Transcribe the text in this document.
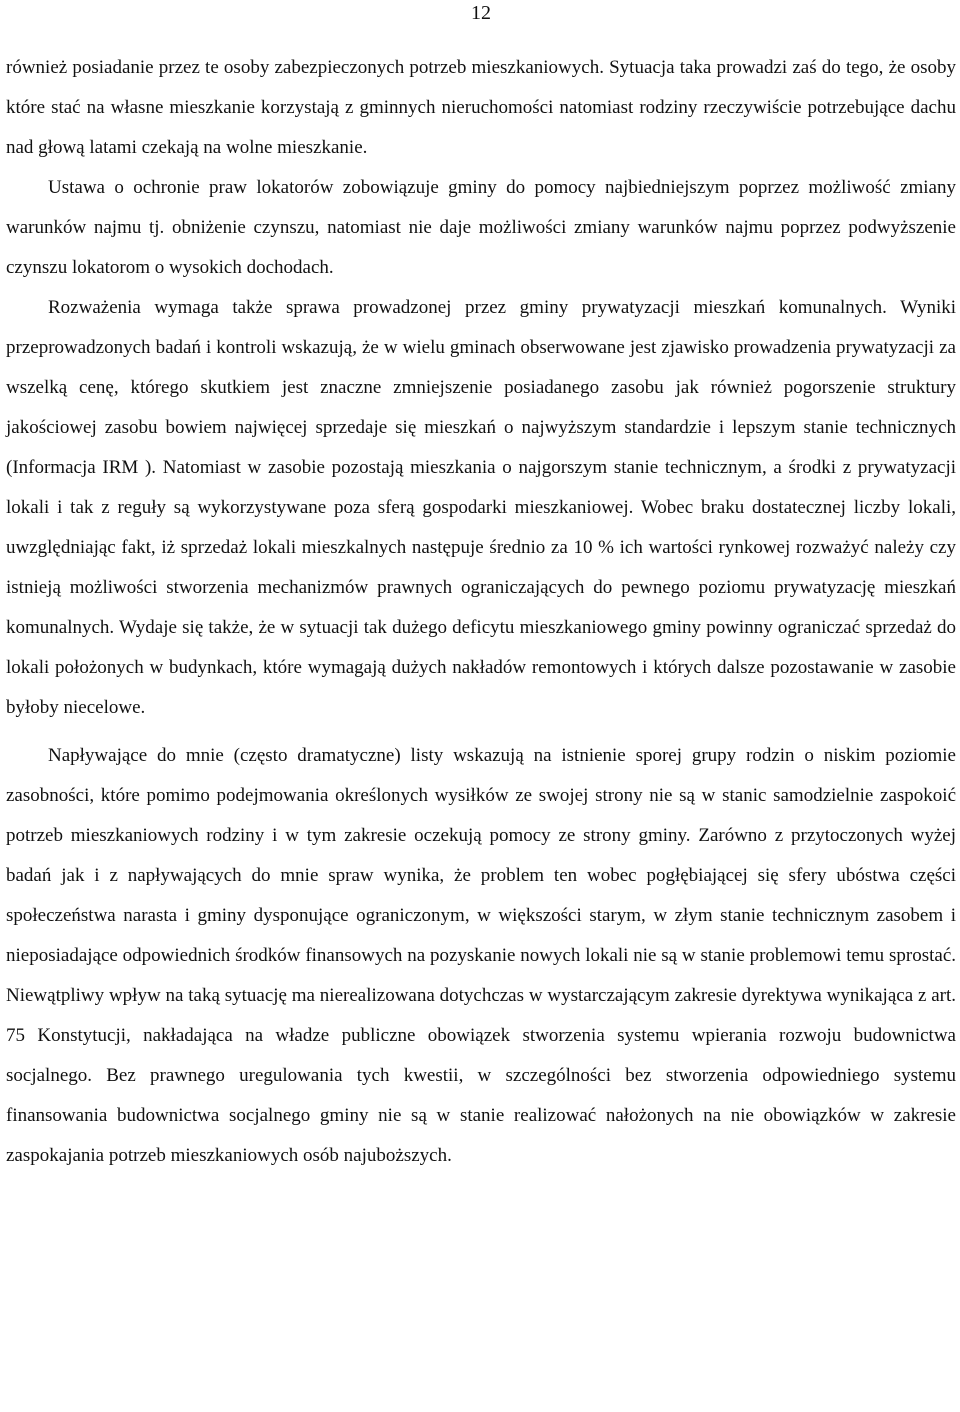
12

również posiadanie przez te osoby zabezpieczonych potrzeb mieszkaniowych. Sytuacja taka prowadzi zaś do tego, że osoby które stać na własne mieszkanie korzystają z gminnych nieruchomości natomiast rodziny rzeczywiście potrzebujące dachu nad głową latami czekają na wolne mieszkanie.

Ustawa o ochronie praw lokatorów zobowiązuje gminy do pomocy najbiedniejszym poprzez możliwość zmiany warunków najmu tj. obniżenie czynszu, natomiast nie daje możliwości zmiany warunków najmu poprzez podwyższenie czynszu lokatorom o wysokich dochodach.

Rozważenia wymaga także sprawa prowadzonej przez gminy prywatyzacji mieszkań komunalnych. Wyniki przeprowadzonych badań i kontroli wskazują, że w wielu gminach obserwowane jest zjawisko prowadzenia prywatyzacji za wszelką cenę, którego skutkiem jest znaczne zmniejszenie posiadanego zasobu jak również pogorszenie struktury jakościowej zasobu bowiem najwięcej sprzedaje się mieszkań o najwyższym standardzie i lepszym stanie technicznych (Informacja IRM ). Natomiast w zasobie pozostają mieszkania o najgorszym stanie technicznym, a środki z prywatyzacji lokali i tak z reguły są wykorzystywane poza sferą gospodarki mieszkaniowej. Wobec braku dostatecznej liczby lokali, uwzględniając fakt, iż sprzedaż lokali mieszkalnych następuje średnio za 10 % ich wartości rynkowej rozważyć należy czy istnieją możliwości stworzenia mechanizmów prawnych ograniczających do pewnego poziomu prywatyzację mieszkań komunalnych. Wydaje się także, że w sytuacji tak dużego deficytu mieszkaniowego gminy powinny ograniczać sprzedaż do lokali położonych w budynkach, które wymagają dużych nakładów remontowych i których dalsze pozostawanie w zasobie byłoby niecelowe.

Napływające do mnie (często dramatyczne) listy wskazują na istnienie sporej grupy rodzin o niskim poziomie zasobności, które pomimo podejmowania określonych wysiłków ze swojej strony nie są w stanic samodzielnie zaspokoić potrzeb mieszkaniowych rodziny i w tym zakresie oczekują pomocy ze strony gminy. Zarówno z przytoczonych wyżej badań jak i z napływających do mnie spraw wynika, że problem ten wobec pogłębiającej się sfery ubóstwa części społeczeństwa narasta i gminy dysponujące ograniczonym, w większości starym, w złym stanie technicznym zasobem i nieposiadające odpowiednich środków finansowych na pozyskanie nowych lokali nie są w stanie problemowi temu sprostać. Niewątpliwy wpływ na taką sytuację ma nierealizowana dotychczas w wystarczającym zakresie dyrektywa wynikająca z art. 75 Konstytucji, nakładająca na władze publiczne obowiązek stworzenia systemu wpierania rozwoju budownictwa socjalnego. Bez prawnego uregulowania tych kwestii, w szczególności bez stworzenia odpowiedniego systemu finansowania budownictwa socjalnego gminy nie są w stanie realizować nałożonych na nie obowiązków w zakresie zaspokajania potrzeb mieszkaniowych osób najuboższych.
